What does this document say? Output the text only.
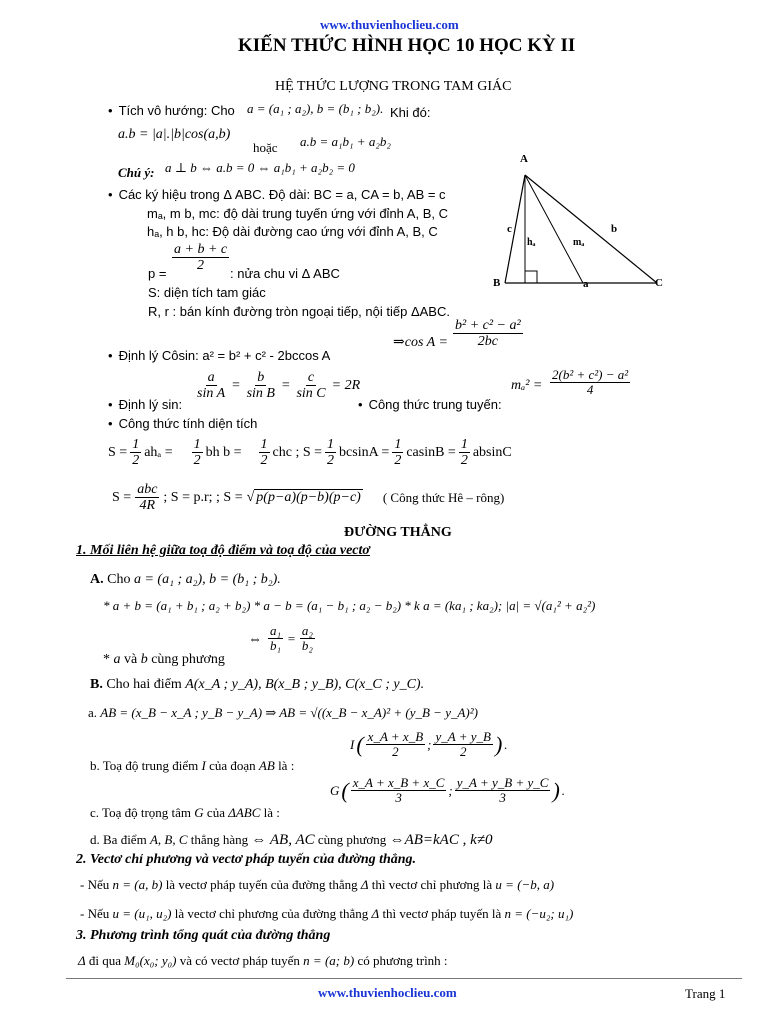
www.thuvienhoclieu.com
KIẾN THỨC HÌNH HỌC 10 HỌC KỲ II
HỆ THỨC LƯỢNG TRONG TAM GIÁC
• Tích vô hướng: Cho a = (a₁ ; a₂), b = (b₁ ; b₂). Khi đó:
a.b = |a|.|b|cos(a,b)
hoặc a.b = a₁b₁ + a₂b₂
Chú ý: a ⊥ b ⇔ a.b = 0 ⇔ a₁b₁ + a₂b₂ = 0
• Các ký hiệu trong Δ ABC. Độ dài: BC = a, CA = b, AB = c
mₐ, m b, mc: độ dài trung tuyến ứng với đỉnh A, B, C
hₐ, h b, hc: Độ dài đường cao ứng với đỉnh A, B, C
$p = \frac{a + b + c}{2}$ : nửa chu vi Δ ABC
S: diện tích tam giác
R, r : bán kính đường tròn ngoại tiếp, nội tiếp ΔABC.
⇒cos $A = \frac{\text{b² + c² − a²}}{2bc}$
A
B	C
a
b
c
hₐ	mₐ
• Định lý Côsin: a² = b² + c² - 2bccos A
$\frac{a}{\text{sin A}} = \frac{b}{\text{sin B}} = \frac{c}{\text{sin C}} = 2R$
• Định lý sin:
•	Công thức trung tuyến:
$m_a^2 = \frac{\text{2(b² + c²) − a²}}{4}$
• Công thức tính diện tích
$S = \frac{1}{2}$ $ah_a = \frac{1}{2}$ bh $b = \frac{1}{2}$ chc ; $S = \frac{1}{2}$ $bcsinA = \frac{1}{2}$ $casinB = \frac{1}{2}$ absinC
$S = \frac{\text{abc}}{4R}$ ; S = p.r; ; S = √ p(p−a)(p−b)(p−c) ( Công thức Hê – rông)
ĐƯỜNG THẲNG
1. Mối liên hệ giữa toạ độ điểm và toạ độ của vectơ
A. Cho a = (a₁ ; a₂), b = (b₁ ; b₂).
* a + b = (a₁ + b₁ ; a₂ + b₂) * a − b = (a₁ − b₁ ; a₂ − b₂) * k a = (ka₁ ; ka₂); |a| = √(a₁² + a₂²)
⇔ $\frac{\text{a₁}}{\text{b₁}} = \frac{\text{a₂}}{\text{b₂}}$
* a và b cùng phương
B. Cho hai điểm A(x_A ; y_A), B(x_B ; y_B), C(x_C ; y_C).
a. AB = (x_B − x_A ; y_B − y_A) ⇒ AB = √((x_B − x_A)² + (y_B − y_A)²)
b. Toạ độ trung điểm I của đoạn AB là :
I ( $\frac{x\_A + x\_B}{2}$ ; $\frac{y\_A + y\_B}{2}$ ) .
c. Toạ độ trọng tâm G của ΔABC là :
G ( $\frac{x\_A + x\_B + x\_C}{3}$ ; $\frac{y\_A + y\_B + y\_C}{3}$ ) .
d. Ba điểm A, B, C thẳng hàng ⇔ AB, AC cùng phương ⇔AB=kAC , k≠0
2. Vectơ chỉ phương và vectơ pháp tuyến của đường thẳng.
- Nếu n = (a, b) là vectơ pháp tuyến của đường thẳng Δ thì vectơ chỉ phương là u = (−b, a)
- Nếu u = (u₁, u₂) là vectơ chỉ phương của đường thẳng Δ thì vectơ pháp tuyến là n = (−u₂; u₁)
3. Phương trình tổng quát của đường thẳng
Δ đi qua M₀(x₀; y₀) và có vectơ pháp tuyến n = (a; b) có phương trình :
www.thuvienhoclieu.com	Trang 1
